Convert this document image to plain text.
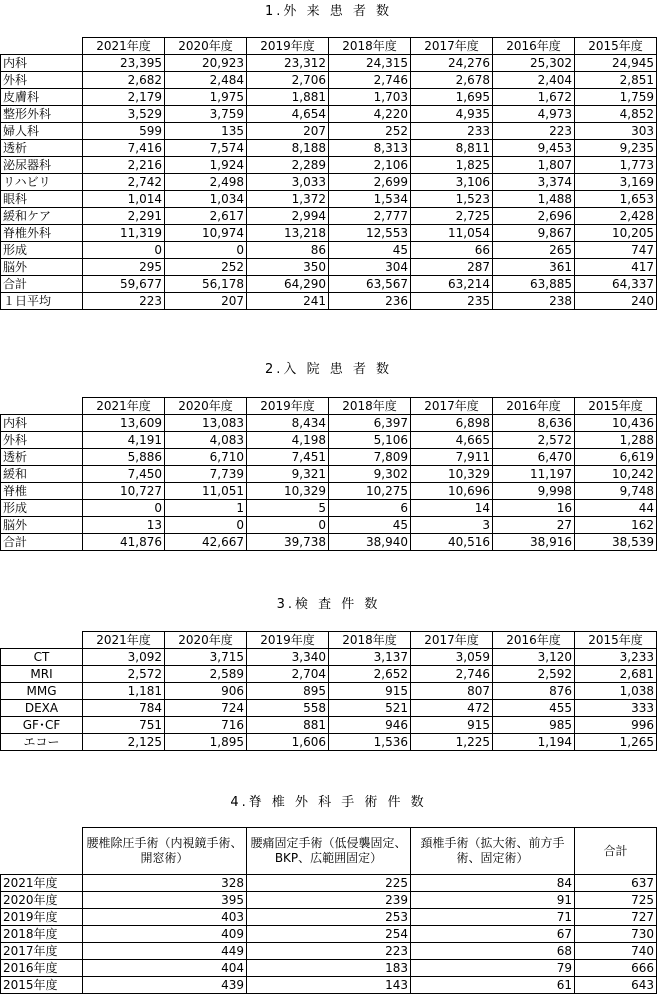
1.外 来 患 者 数
	2021年度	2020年度	2019年度	2018年度	2017年度	2016年度	2015年度
内科	23,395	20,923	23,312	24,315	24,276	25,302	24,945
外科	2,682	2,484	2,706	2,746	2,678	2,404	2,851
皮膚科	2,179	1,975	1,881	1,703	1,695	1,672	1,759
整形外科	3,529	3,759	4,654	4,220	4,935	4,973	4,852
婦人科	599	135	207	252	233	223	303
透析	7,416	7,574	8,188	8,313	8,811	9,453	9,235
泌尿器科	2,216	1,924	2,289	2,106	1,825	1,807	1,773
リハビリ	2,742	2,498	3,033	2,699	3,106	3,374	3,169
眼科	1,014	1,034	1,372	1,534	1,523	1,488	1,653
緩和ケア	2,291	2,617	2,994	2,777	2,725	2,696	2,428
脊椎外科	11,319	10,974	13,218	12,553	11,054	9,867	10,205
形成	0	0	86	45	66	265	747
脳外	295	252	350	304	287	361	417
合計	59,677	56,178	64,290	63,567	63,214	63,885	64,337
１日平均	223	207	241	236	235	238	240
2.入 院 患 者 数
	2021年度	2020年度	2019年度	2018年度	2017年度	2016年度	2015年度
内科	13,609	13,083	8,434	6,397	6,898	8,636	10,436
外科	4,191	4,083	4,198	5,106	4,665	2,572	1,288
透析	5,886	6,710	7,451	7,809	7,911	6,470	6,619
緩和	7,450	7,739	9,321	9,302	10,329	11,197	10,242
脊椎	10,727	11,051	10,329	10,275	10,696	9,998	9,748
形成	0	1	5	6	14	16	44
脳外	13	0	0	45	3	27	162
合計	41,876	42,667	39,738	38,940	40,516	38,916	38,539
3.検 査 件 数
	2021年度	2020年度	2019年度	2018年度	2017年度	2016年度	2015年度
CT	3,092	3,715	3,340	3,137	3,059	3,120	3,233
MRI	2,572	2,589	2,704	2,652	2,746	2,592	2,681
MMG	1,181	906	895	915	807	876	1,038
DEXA	784	724	558	521	472	455	333
GF･CF	751	716	881	946	915	985	996
エコー	2,125	1,895	1,606	1,536	1,225	1,194	1,265
4.脊 椎 外 科 手 術 件 数
	腰椎除圧手術（内視鏡手術、開窓術）	腰痛固定手術（低侵襲固定、BKP、広範囲固定）	頚椎手術（拡大術、前方手術、固定術）	合計
2021年度	328	225	84	637
2020年度	395	239	91	725
2019年度	403	253	71	727
2018年度	409	254	67	730
2017年度	449	223	68	740
2016年度	404	183	79	666
2015年度	439	143	61	643
